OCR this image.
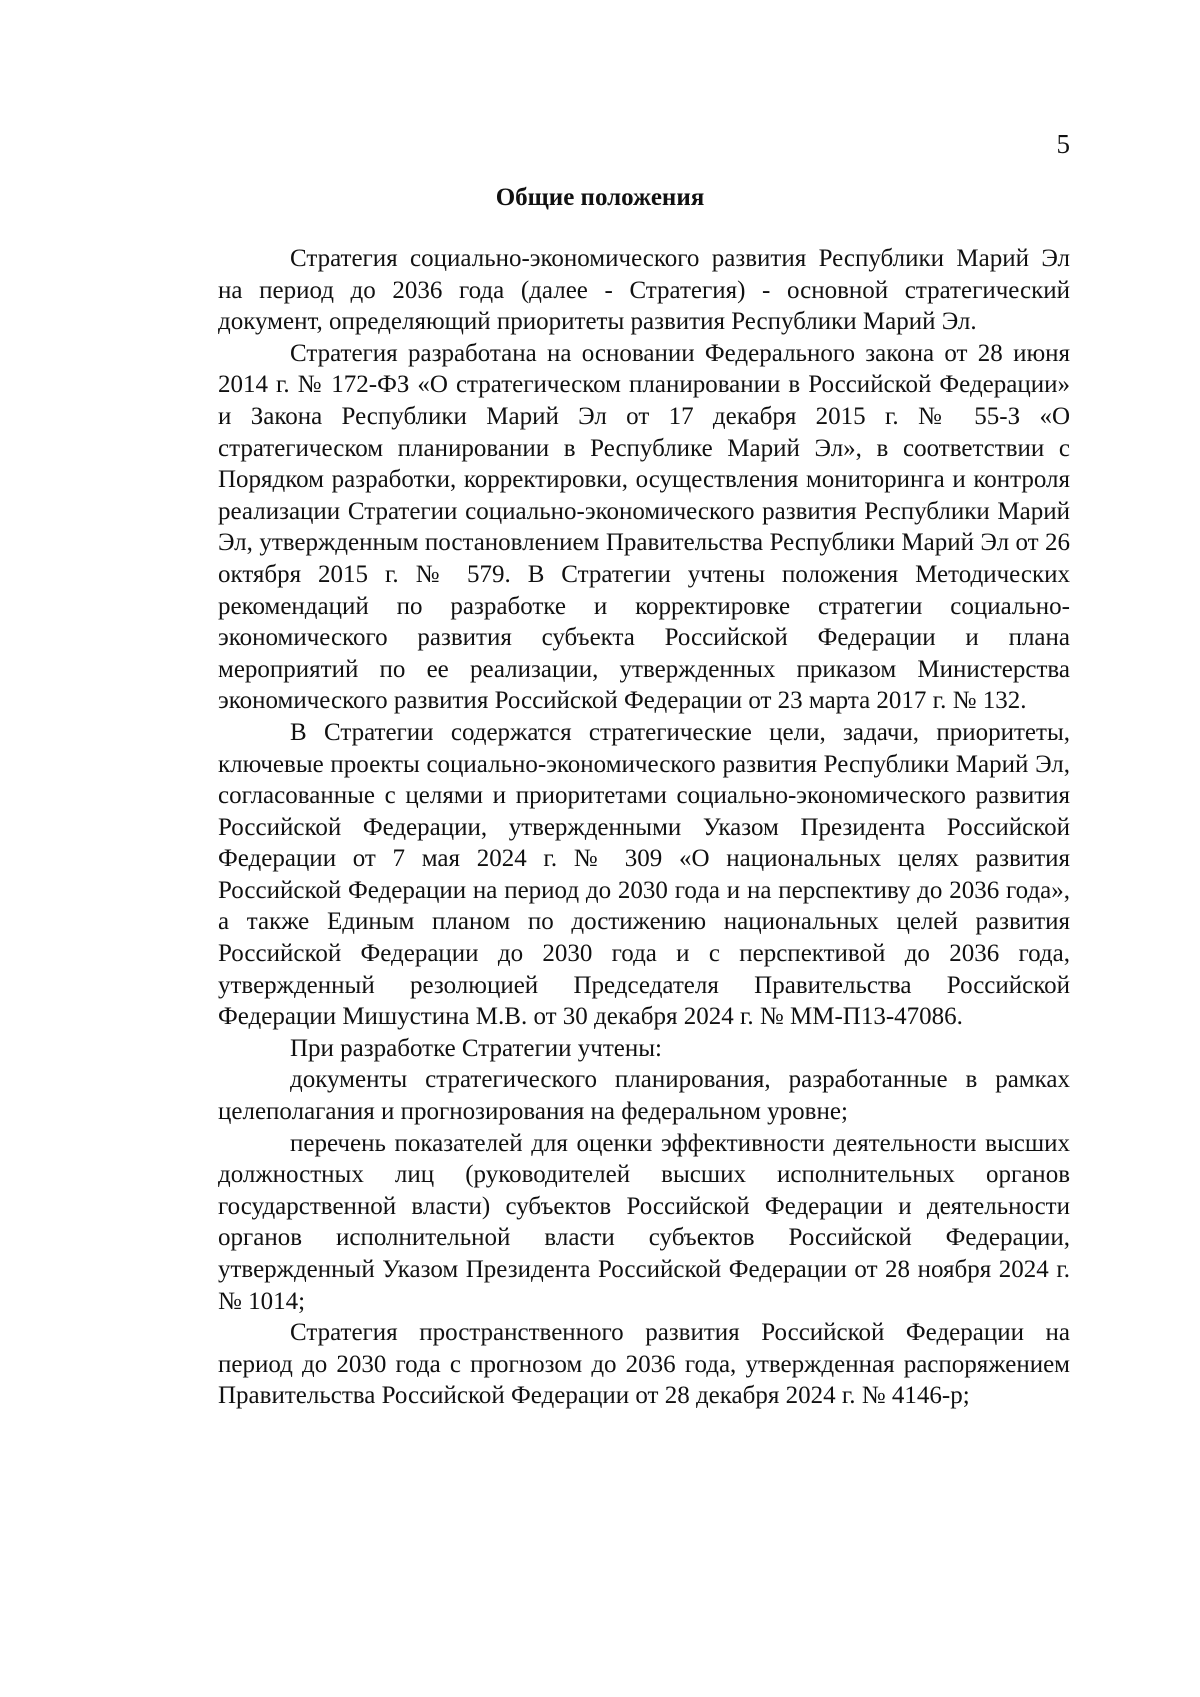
5
Общие положения

Стратегия социально-экономического развития Республики Марий Эл на период до 2036 года (далее - Стратегия) - основной стратегический документ, определяющий приоритеты развития Республики Марий Эл.

Стратегия разработана на основании Федерального закона от 28 июня 2014 г. № 172-ФЗ «О стратегическом планировании в Российской Федерации» и Закона Республики Марий Эл от 17 декабря 2015 г. № 55-З «О стратегическом планировании в Республике Марий Эл», в соответствии с Порядком разработки, корректировки, осуществления мониторинга и контроля реализации Стратегии социально-экономического развития Республики Марий Эл, утвержденным постановлением Правительства Республики Марий Эл от 26 октября 2015 г. № 579. В Стратегии учтены положения Методических рекомендаций по разработке и корректировке стратегии социально-экономического развития субъекта Российской Федерации и плана мероприятий по ее реализации, утвержденных приказом Министерства экономического развития Российской Федерации от 23 марта 2017 г. № 132.

В Стратегии содержатся стратегические цели, задачи, приоритеты, ключевые проекты социально-экономического развития Республики Марий Эл, согласованные с целями и приоритетами социально-экономического развития Российской Федерации, утвержденными Указом Президента Российской Федерации от 7 мая 2024 г. № 309 «О национальных целях развития Российской Федерации на период до 2030 года и на перспективу до 2036 года», а также Единым планом по достижению национальных целей развития Российской Федерации до 2030 года и с перспективой до 2036 года, утвержденный резолюцией Председателя Правительства Российской Федерации Мишустина М.В. от 30 декабря 2024 г. № ММ-П13-47086.

При разработке Стратегии учтены:

документы стратегического планирования, разработанные в рамках целеполагания и прогнозирования на федеральном уровне;

перечень показателей для оценки эффективности деятельности высших должностных лиц (руководителей высших исполнительных органов государственной власти) субъектов Российской Федерации и деятельности органов исполнительной власти субъектов Российской Федерации, утвержденный Указом Президента Российской Федерации от 28 ноября 2024 г. № 1014;

Стратегия пространственного развития Российской Федерации на период до 2030 года с прогнозом до 2036 года, утвержденная распоряжением Правительства Российской Федерации от 28 декабря 2024 г. № 4146-р;
